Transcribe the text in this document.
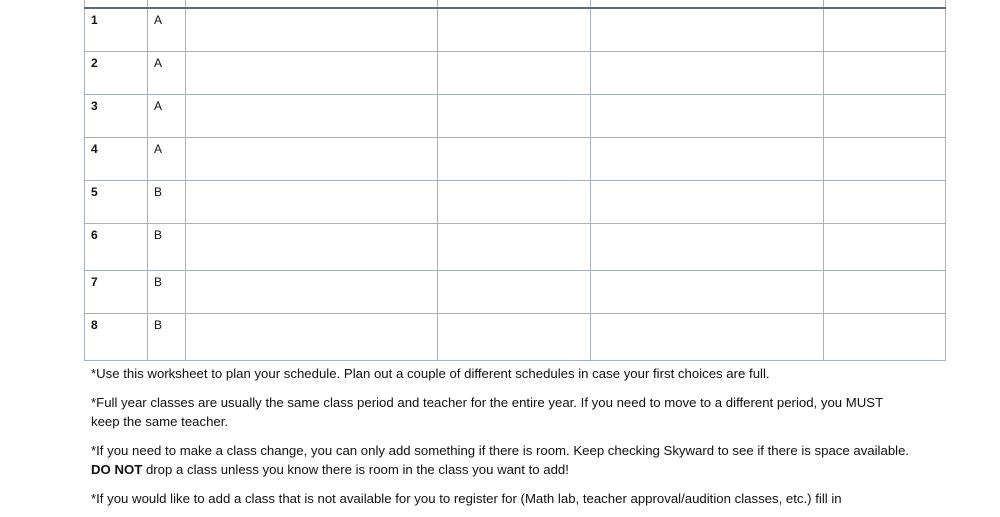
1	A				
2	A				
3	A				
4	A				
5	B				
6	B				
7	B				
8	B				

*Use this worksheet to plan your schedule. Plan out a couple of different schedules in case your first choices are full.

*Full year classes are usually the same class period and teacher for the entire year. If you need to move to a different period, you MUST keep the same teacher.

*If you need to make a class change, you can only add something if there is room. Keep checking Skyward to see if there is space available. DO NOT drop a class unless you know there is room in the class you want to add!

*If you would like to add a class that is not available for you to register for (Math lab, teacher approval/audition classes, etc.) fill in
